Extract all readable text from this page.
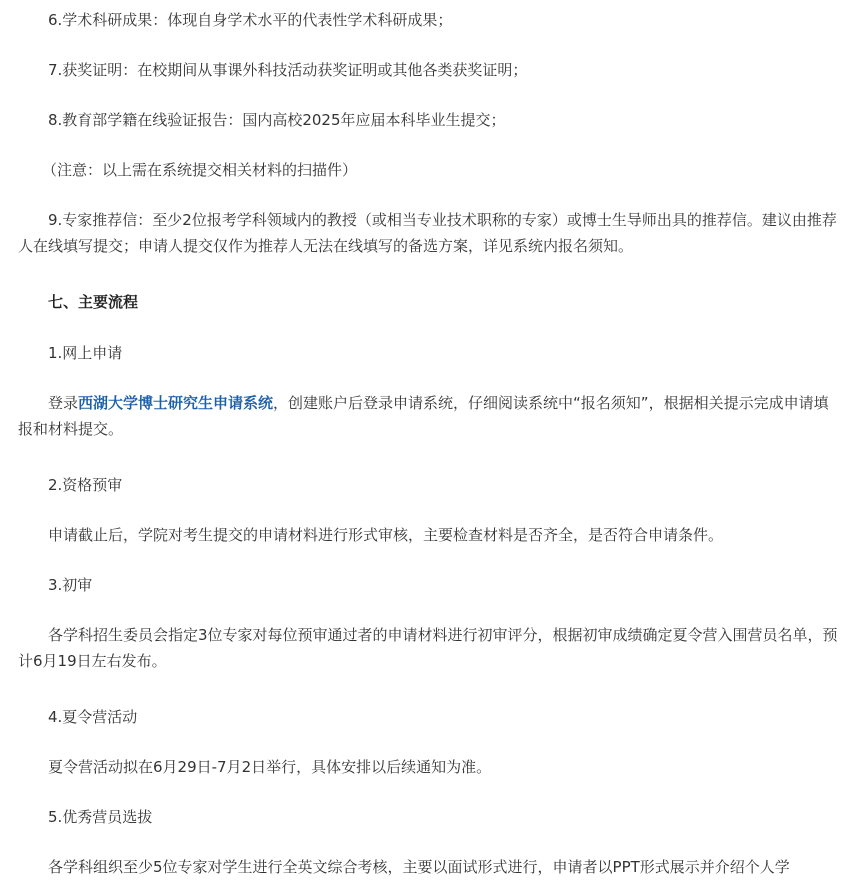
6.学术科研成果：体现自身学术水平的代表性学术科研成果；

7.获奖证明：在校期间从事课外科技活动获奖证明或其他各类获奖证明；

8.教育部学籍在线验证报告：国内高校2025年应届本科毕业生提交；

（注意：以上需在系统提交相关材料的扫描件）

9.专家推荐信：至少2位报考学科领域内的教授（或相当专业技术职称的专家）或博士生导师出具的推荐信。建议由推荐人在线填写提交；申请人提交仅作为推荐人无法在线填写的备选方案，详见系统内报名须知。

七、主要流程

1.网上申请

登录西湖大学博士研究生申请系统，创建账户后登录申请系统，仔细阅读系统中“报名须知”，根据相关提示完成申请填报和材料提交。

2.资格预审

申请截止后，学院对考生提交的申请材料进行形式审核，主要检查材料是否齐全，是否符合申请条件。

3.初审

各学科招生委员会指定3位专家对每位预审通过者的申请材料进行初审评分，根据初审成绩确定夏令营入围营员名单，预计6月19日左右发布。

4.夏令营活动

夏令营活动拟在6月29日-7月2日举行，具体安排以后续通知为准。

5.优秀营员选拔

各学科组织至少5位专家对学生进行全英文综合考核，主要以面试形式进行，申请者以PPT形式展示并介绍个人学
